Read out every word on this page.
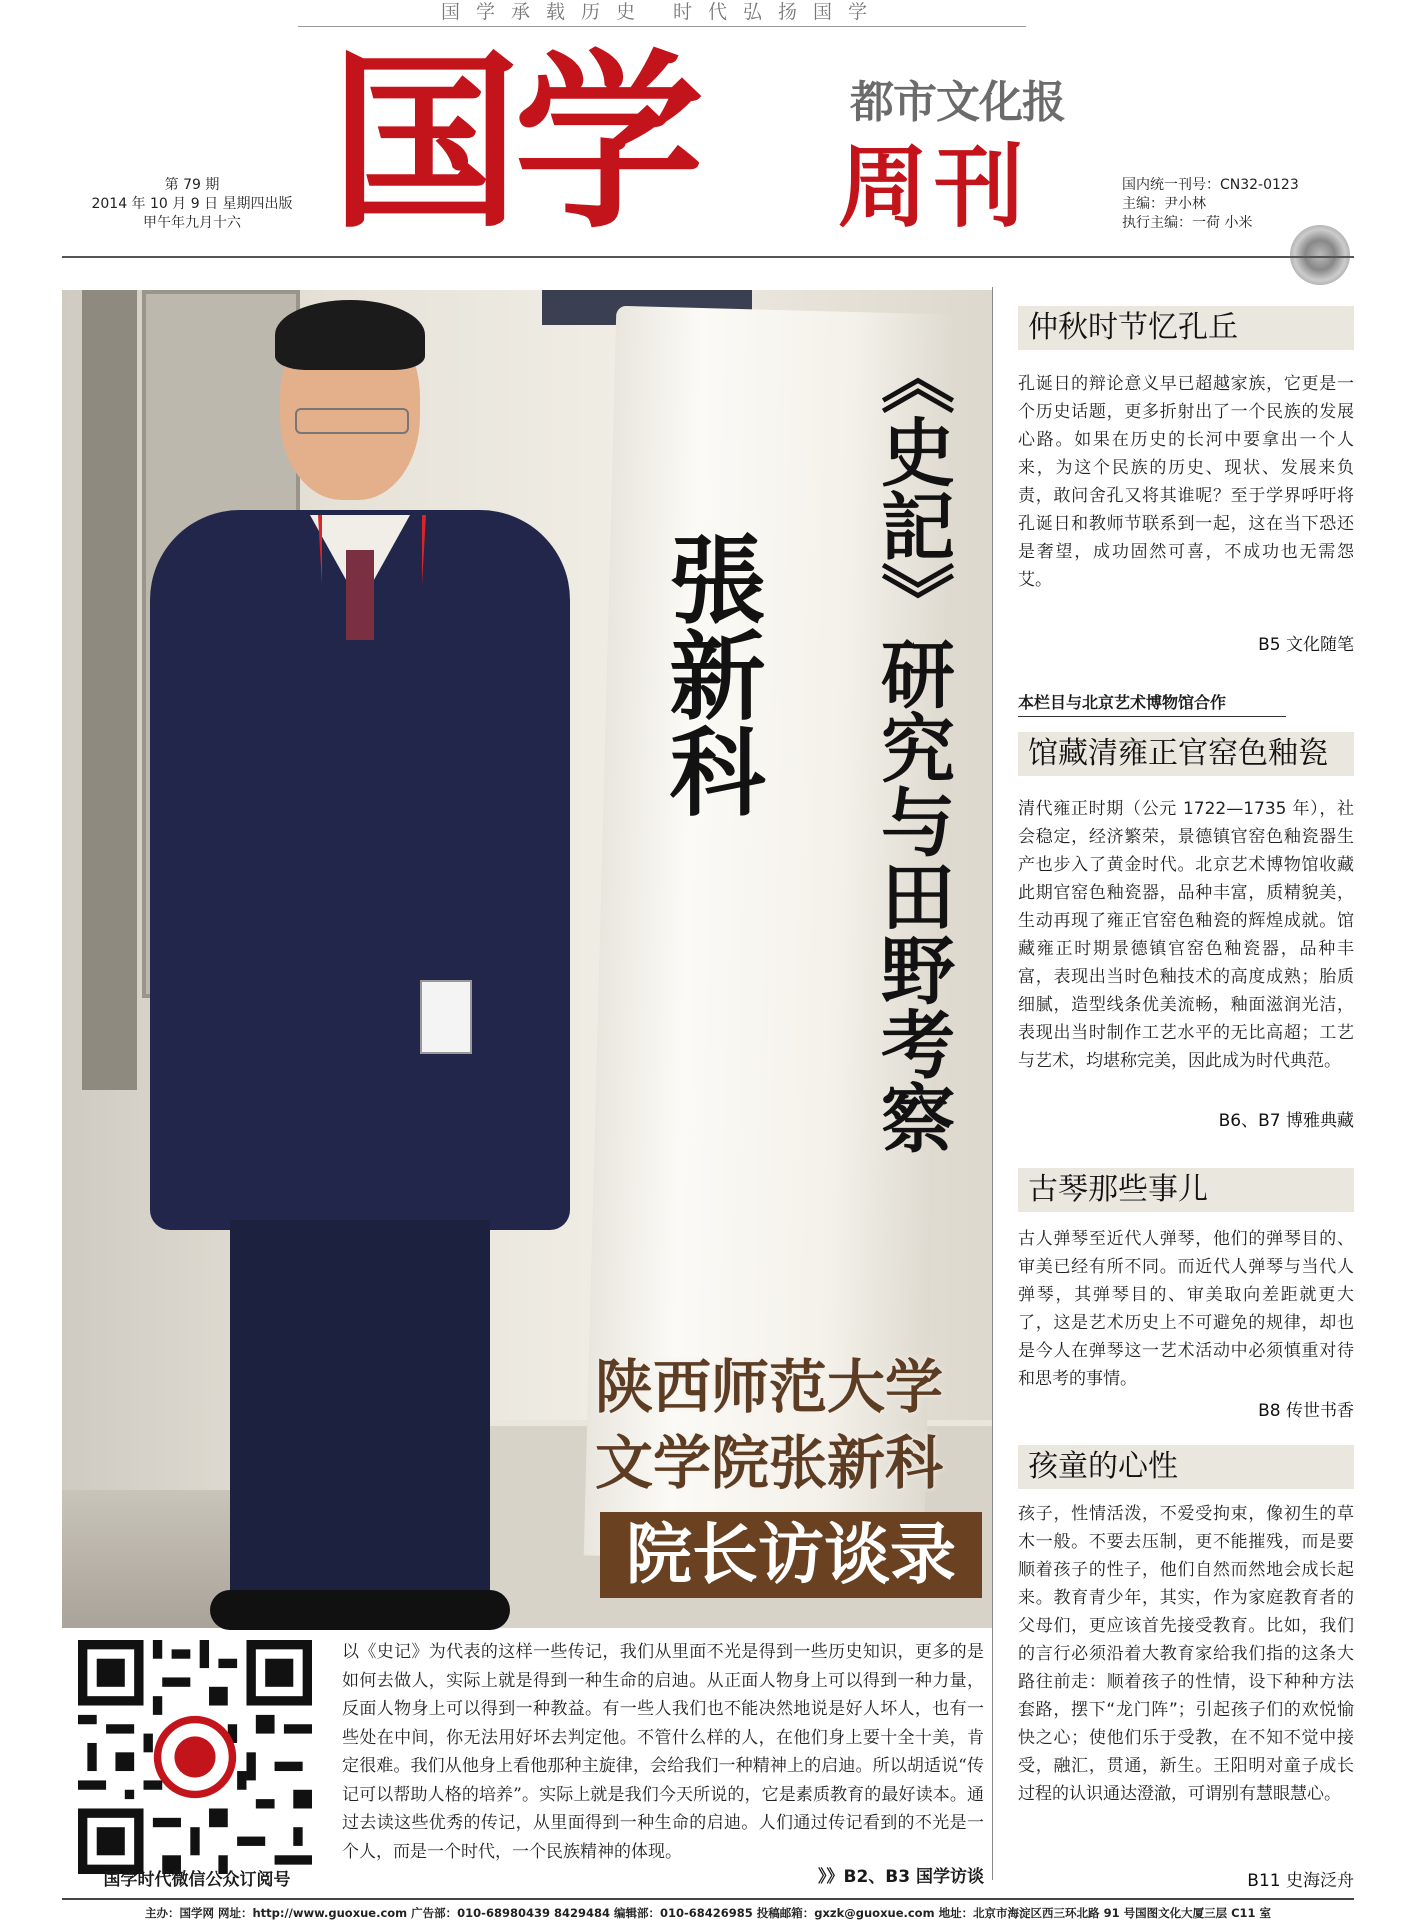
国学承载历史 时代弘扬国学
国学	都市文化报
周刊
第 79 期
2014 年 10 月 9 日 星期四出版
甲午年九月十六
国内统一刊号：CN32-0123
主编：尹小林
执行主编：一荷 小米
《史記》研究与田野考察
張新科
陕西师范大学
文学院张新科
院长访谈录
仲秋时节忆孔丘
孔诞日的辩论意义早已超越家族，它更是一个历史话题，更多折射出了一个民族的发展心路。如果在历史的长河中要拿出一个人来，为这个民族的历史、现状、发展来负责，敢问舍孔又将其谁呢？至于学界呼吁将孔诞日和教师节联系到一起，这在当下恐还是奢望，成功固然可喜，不成功也无需怨艾。
B5 文化随笔
本栏目与北京艺术博物馆合作
馆藏清雍正官窑色釉瓷
清代雍正时期（公元 1722—1735 年），社会稳定，经济繁荣，景德镇官窑色釉瓷器生产也步入了黄金时代。北京艺术博物馆收藏此期官窑色釉瓷器，品种丰富，质精貌美，生动再现了雍正官窑色釉瓷的辉煌成就。馆藏雍正时期景德镇官窑色釉瓷器，品种丰富，表现出当时色釉技术的高度成熟；胎质细腻，造型线条优美流畅，釉面滋润光洁，表现出当时制作工艺水平的无比高超；工艺与艺术，均堪称完美，因此成为时代典范。
B6、B7 博雅典藏
古琴那些事儿
古人弹琴至近代人弹琴，他们的弹琴目的、审美已经有所不同。而近代人弹琴与当代人弹琴，其弹琴目的、审美取向差距就更大了，这是艺术历史上不可避免的规律，却也是今人在弹琴这一艺术活动中必须慎重对待和思考的事情。
B8 传世书香
孩童的心性
孩子，性情活泼，不爱受拘束，像初生的草木一般。不要去压制，更不能摧残，而是要顺着孩子的性子，他们自然而然地会成长起来。教育青少年，其实，作为家庭教育者的父母们，更应该首先接受教育。比如，我们的言行必须沿着大教育家给我们指的这条大路往前走：顺着孩子的性情，设下种种方法套路，摆下“龙门阵”；引起孩子们的欢悦愉快之心；使他们乐于受教，在不知不觉中接受，融汇，贯通，新生。王阳明对童子成长过程的认识通达澄澈，可谓别有慧眼慧心。
B11 史海泛舟
国学时代微信公众订阅号
以《史记》为代表的这样一些传记，我们从里面不光是得到一些历史知识，更多的是如何去做人，实际上就是得到一种生命的启迪。从正面人物身上可以得到一种力量，反面人物身上可以得到一种教益。有一些人我们也不能决然地说是好人坏人，也有一些处在中间，你无法用好坏去判定他。不管什么样的人，在他们身上要十全十美，肯定很难。我们从他身上看他那种主旋律，会给我们一种精神上的启迪。所以胡适说“传记可以帮助人格的培养”。实际上就是我们今天所说的，它是素质教育的最好读本。通过去读这些优秀的传记，从里面得到一种生命的启迪。人们通过传记看到的不光是一个人，而是一个时代，一个民族精神的体现。
》》B2、B3 国学访谈
主办：国学网 网址：http://www.guoxue.com 广告部：010-68980439 8429484 编辑部：010-68426985 投稿邮箱：gxzk@guoxue.com 地址：北京市海淀区西三环北路 91 号国图文化大厦三层 C11 室
